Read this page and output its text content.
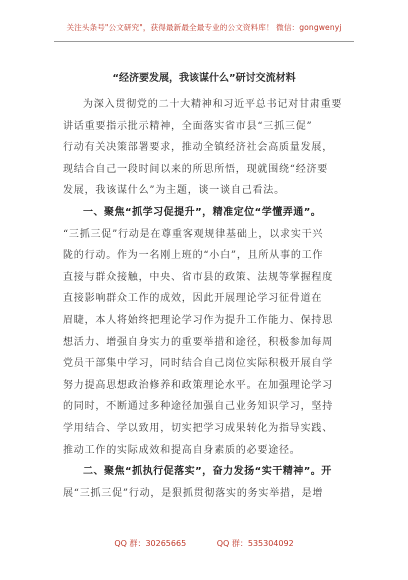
关注头条号"公文研究"，获得最新最全最专业的公文资料库！ 微信：gongwenyj
“经济要发展，我该谋什么”研讨交流材料
为深入贯彻党的二十大精神和习近平总书记对甘肃重要
讲话重要指示批示精神，全面落实省市县“三抓三促”
行动有关决策部署要求，推动全镇经济社会高质量发展，
现结合自己一段时间以来的所思所悟，现就围绕“经济要
发展，我该谋什么”为主题，谈一谈自己看法。
一、聚焦“抓学习促提升”，精准定位“学懂弄通”。
“三抓三促”行动是在尊重客观规律基础上，以求实干兴
陇的行动。作为一名刚上班的“小白”，且所从事的工作
直接与群众接触，中央、省市县的政策、法规等掌握程度
直接影响群众工作的成效，因此开展理论学习征骨道在
眉睫，本人将始终把理论学习作为提升工作能力、保持思
想活力、增强自身实力的重要举措和途径，积极参加每周
党员干部集中学习，同时结合自己岗位实际积极开展自学
努力提高思想政治修养和政策理论水平。在加强理论学习
的同时，不断通过多种途径加强自己业务知识学习，坚持
学用结合、学以致用，切实把学习成果转化为指导实践、
推动工作的实际成效和提高自身素质的必要途径。
二、聚焦“抓执行促落实”，奋力发扬“实干精神”。开
展“三抓三促”行动，是狠抓贯彻落实的务实举措，是增
QQ 群：30265665	QQ 群：535304092
